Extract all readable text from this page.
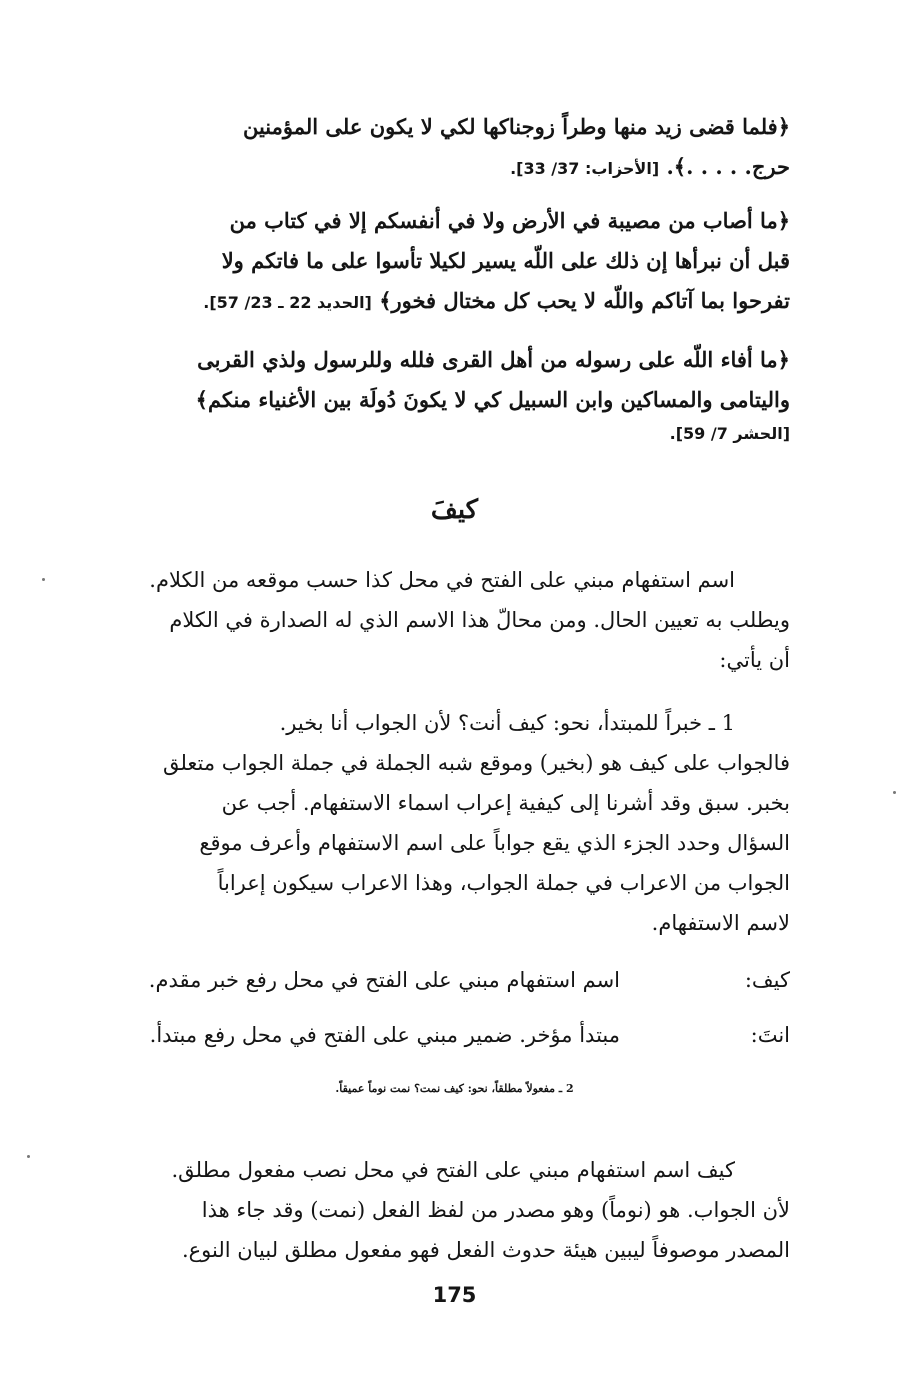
﴿فلما قضى زيد منها وطراً زوجناكها لكي لا يكون على المؤمنين
حرج. . . . .﴾. [الأحزاب: 37/ 33].
﴿ما أصاب من مصيبة في الأرض ولا في أنفسكم إلا في كتاب من
قبل أن نبرأها إن ذلك على اللّه يسير لكيلا تأسوا على ما فاتكم ولا
تفرحوا بما آتاكم واللّه لا يحب كل مختال فخور﴾ [الحديد 22 ـ 23/ 57].
﴿ما أفاء اللّه على رسوله من أهل القرى فلله وللرسول ولذي القربى
واليتامى والمساكين وابن السبيل كي لا يكونَ دُولَة بين الأغنياء منكم﴾
[الحشر 7/ 59].
كيفَ
اسم استفهام مبني على الفتح في محل كذا حسب موقعه من الكلام.
ويطلب به تعيين الحال. ومن محالّ هذا الاسم الذي له الصدارة في الكلام
أن يأتي:
1 ـ خبراً للمبتدأ، نحو: كيف أنت؟ لأن الجواب أنا بخير.
فالجواب على كيف هو (بخير) وموقع شبه الجملة في جملة الجواب متعلق
بخبر. سبق وقد أشرنا إلى كيفية إعراب اسماء الاستفهام. أجب عن
السؤال وحدد الجزء الذي يقع جواباً على اسم الاستفهام وأعرف موقع
الجواب من الاعراب في جملة الجواب، وهذا الاعراب سيكون إعراباً
لاسم الاستفهام.
كيف:
اسم استفهام مبني على الفتح في محل رفع خبر مقدم.
انتَ:
مبتدأ مؤخر. ضمير مبني على الفتح في محل رفع مبتدأ.
2 ـ مفعولاً مطلقاً، نحو: كيف نمت؟ نمت نوماً عميقاً.
كيف اسم استفهام مبني على الفتح في محل نصب مفعول مطلق.
لأن الجواب. هو (نوماً) وهو مصدر من لفظ الفعل (نمت) وقد جاء هذا
المصدر موصوفاً ليبين هيئة حدوث الفعل فهو مفعول مطلق لبيان النوع.
175
